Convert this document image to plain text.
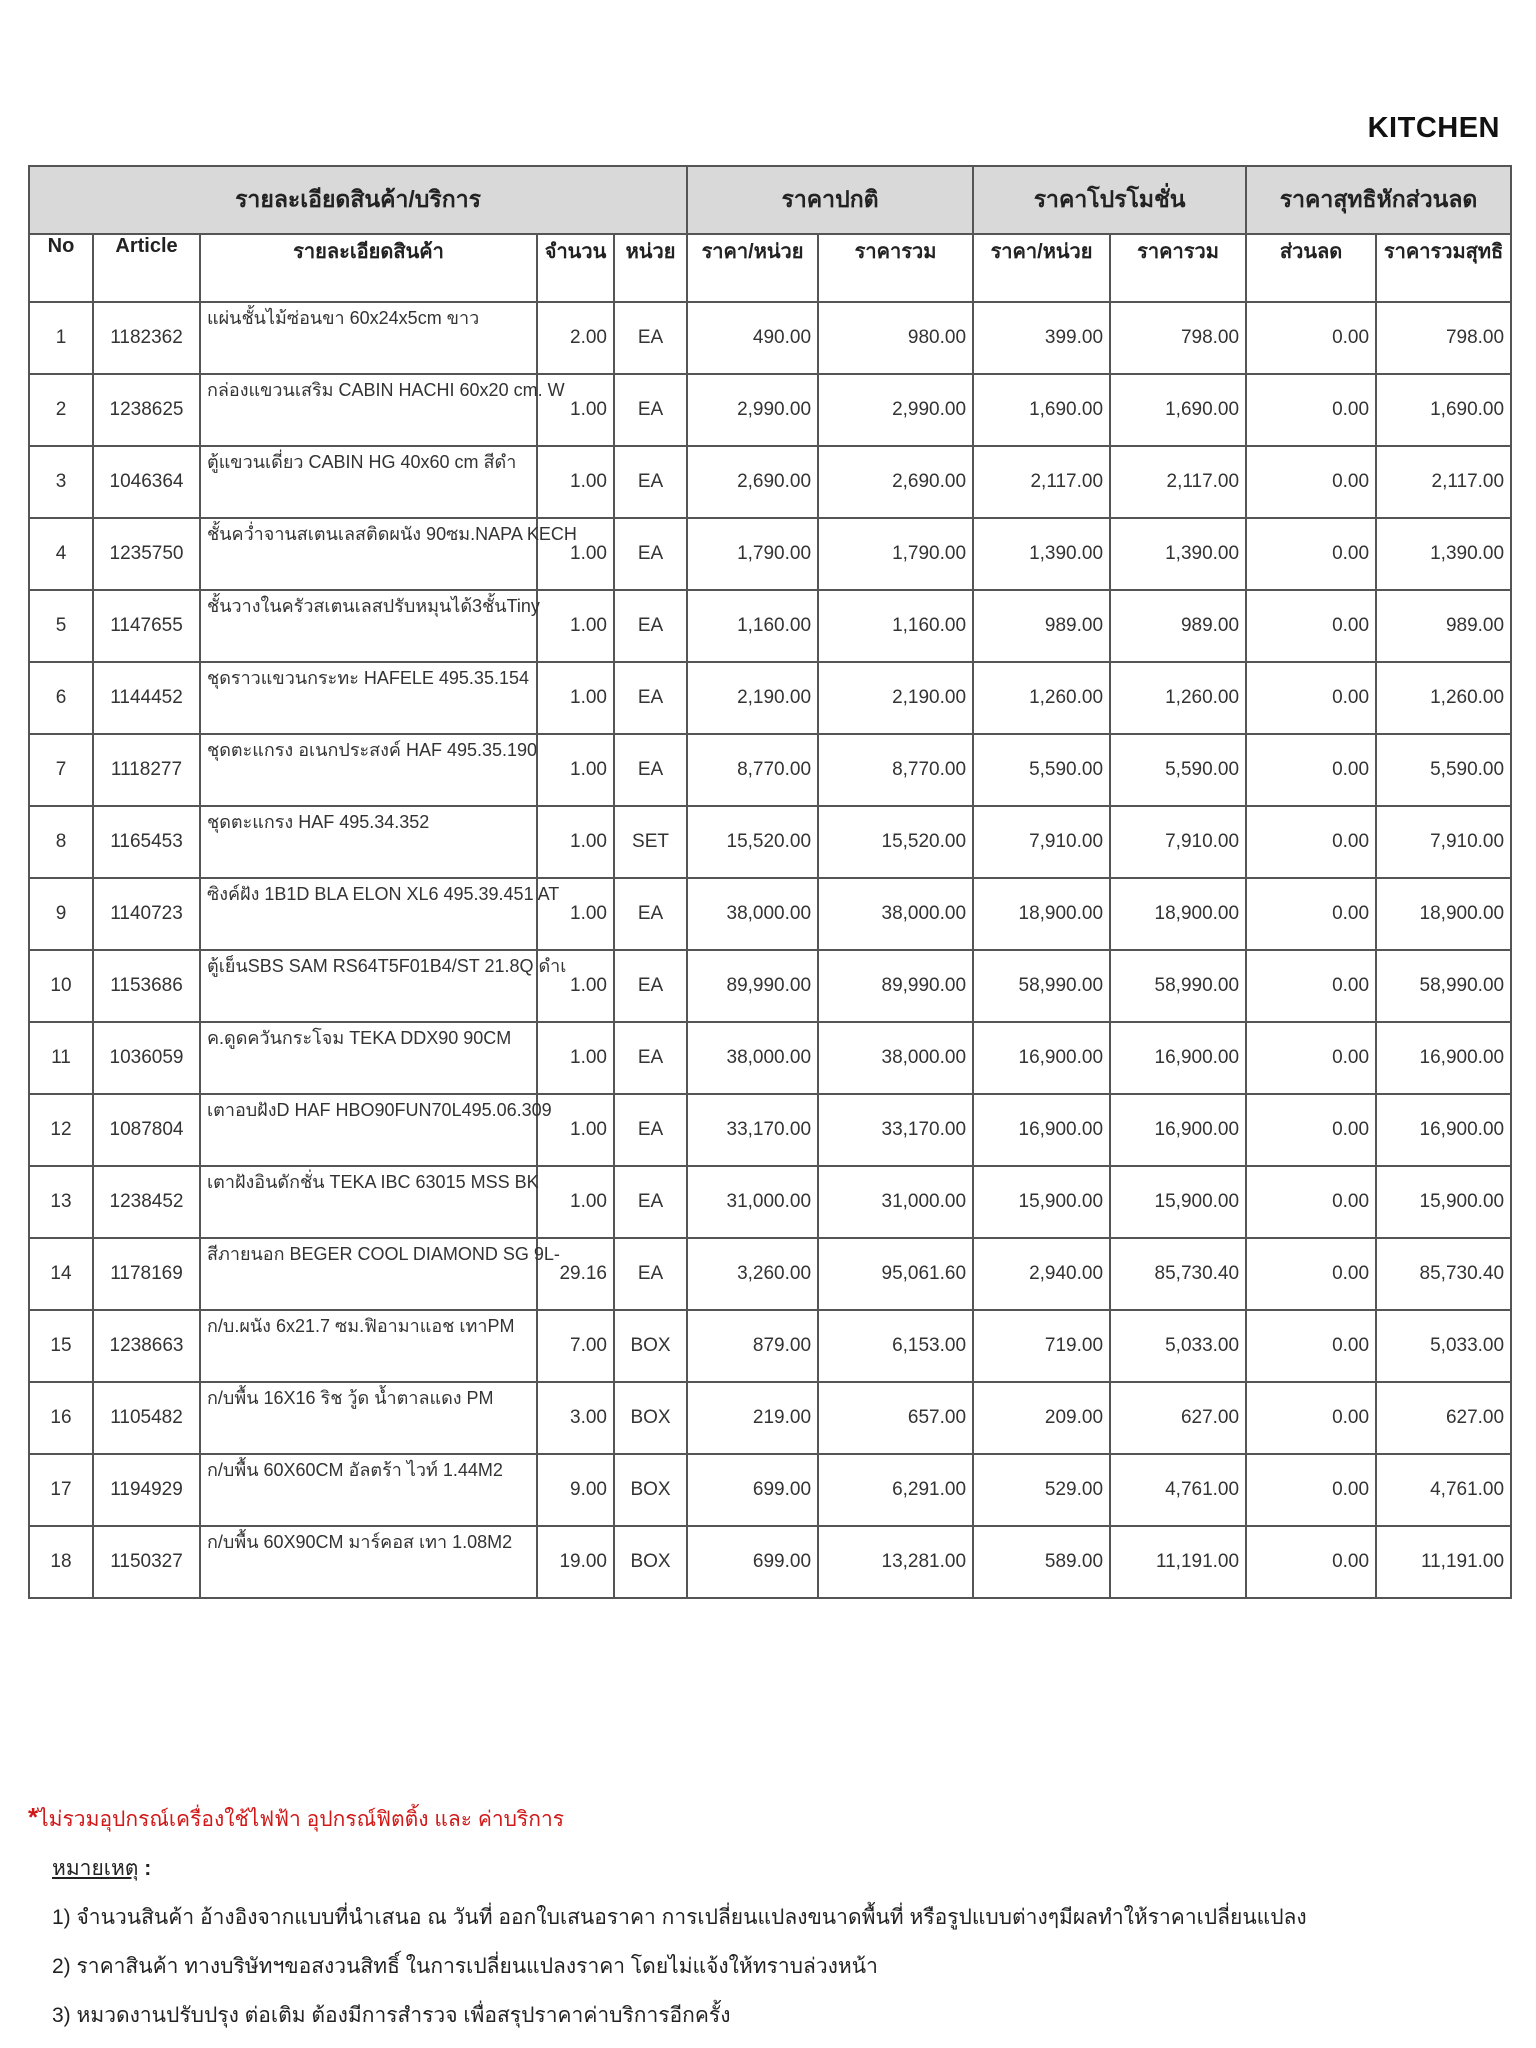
KITCHEN
รายละเอียดสินค้า/บริการ					ราคาปกติ		ราคาโปรโมชั่น		ราคาสุทธิหักส่วนลด	
No	Article	รายละเอียดสินค้า	จำนวน	หน่วย	ราคา/หน่วย	ราคารวม	ราคา/หน่วย	ราคารวม	ส่วนลด	ราคารวมสุทธิ
1	1182362	แผ่นชั้นไม้ซ่อนขา 60x24x5cm ขาว	2.00	EA	490.00	980.00	399.00	798.00	0.00	798.00
2	1238625	กล่องแขวนเสริม CABIN HACHI 60x20 cm. W	1.00	EA	2,990.00	2,990.00	1,690.00	1,690.00	0.00	1,690.00
3	1046364	ตู้แขวนเดี่ยว CABIN HG 40x60 cm สีดำ	1.00	EA	2,690.00	2,690.00	2,117.00	2,117.00	0.00	2,117.00
4	1235750	ชั้นคว่ำจานสเตนเลสติดผนัง 90ซม.NAPA KECH	1.00	EA	1,790.00	1,790.00	1,390.00	1,390.00	0.00	1,390.00
5	1147655	ชั้นวางในครัวสเตนเลสปรับหมุนได้3ชั้นTiny	1.00	EA	1,160.00	1,160.00	989.00	989.00	0.00	989.00
6	1144452	ชุดราวแขวนกระทะ HAFELE 495.35.154	1.00	EA	2,190.00	2,190.00	1,260.00	1,260.00	0.00	1,260.00
7	1118277	ชุดตะแกรง อเนกประสงค์ HAF 495.35.190	1.00	EA	8,770.00	8,770.00	5,590.00	5,590.00	0.00	5,590.00
8	1165453	ชุดตะแกรง HAF 495.34.352	1.00	SET	15,520.00	15,520.00	7,910.00	7,910.00	0.00	7,910.00
9	1140723	ซิงค์ฝัง 1B1D BLA ELON XL6 495.39.451 AT	1.00	EA	38,000.00	38,000.00	18,900.00	18,900.00	0.00	18,900.00
10	1153686	ตู้เย็นSBS SAM RS64T5F01B4/ST 21.8Q ดำเ	1.00	EA	89,990.00	89,990.00	58,990.00	58,990.00	0.00	58,990.00
11	1036059	ค.ดูดควันกระโจม TEKA DDX90 90CM	1.00	EA	38,000.00	38,000.00	16,900.00	16,900.00	0.00	16,900.00
12	1087804	เตาอบฝังD HAF HBO90FUN70L495.06.309	1.00	EA	33,170.00	33,170.00	16,900.00	16,900.00	0.00	16,900.00
13	1238452	เตาฝังอินดักชั่น TEKA IBC 63015 MSS BK	1.00	EA	31,000.00	31,000.00	15,900.00	15,900.00	0.00	15,900.00
14	1178169	สีภายนอก BEGER COOL DIAMOND SG 9L-	29.16	EA	3,260.00	95,061.60	2,940.00	85,730.40	0.00	85,730.40
15	1238663	ก/บ.ผนัง 6x21.7 ซม.ฟิอามาแอช เทาPM	7.00	BOX	879.00	6,153.00	719.00	5,033.00	0.00	5,033.00
16	1105482	ก/บพื้น 16X16 ริช วู้ด น้ำตาลแดง PM	3.00	BOX	219.00	657.00	209.00	627.00	0.00	627.00
17	1194929	ก/บพื้น 60X60CM อัลตร้า ไวท์ 1.44M2	9.00	BOX	699.00	6,291.00	529.00	4,761.00	0.00	4,761.00
18	1150327	ก/บพื้น 60X90CM มาร์คอส เทา 1.08M2	19.00	BOX	699.00	13,281.00	589.00	11,191.00	0.00	11,191.00
*ไม่รวมอุปกรณ์เครื่องใช้ไฟฟ้า อุปกรณ์ฟิตติ้ง และ ค่าบริการ
หมายเหตุ :
1) จำนวนสินค้า อ้างอิงจากแบบที่นำเสนอ ณ วันที่ ออกใบเสนอราคา การเปลี่ยนแปลงขนาดพื้นที่ หรือรูปแบบต่างๆมีผลทำให้ราคาเปลี่ยนแปลง
2) ราคาสินค้า ทางบริษัทฯขอสงวนสิทธิ์ ในการเปลี่ยนแปลงราคา โดยไม่แจ้งให้ทราบล่วงหน้า
3) หมวดงานปรับปรุง ต่อเติม ต้องมีการสำรวจ เพื่อสรุปราคาค่าบริการอีกครั้ง
